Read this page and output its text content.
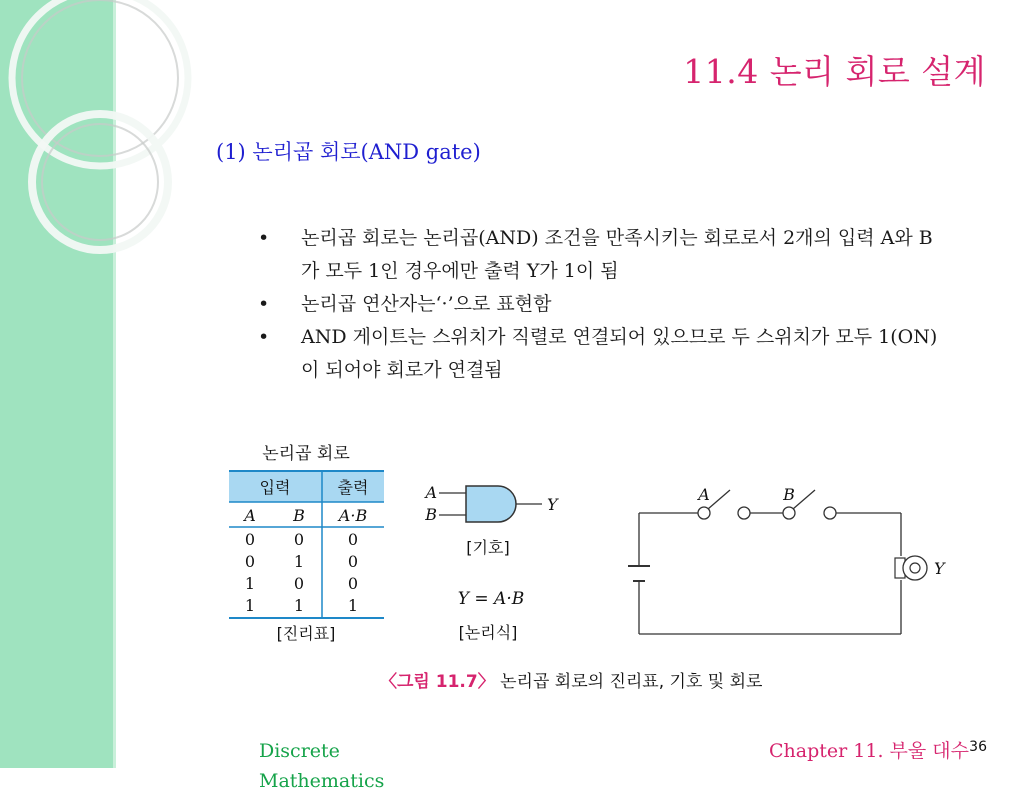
11.4 논리 회로 설계
(1) 논리곱 회로(AND gate)
• 논리곱 회로는 논리곱(AND) 조건을 만족시키는 회로로서 2개의 입력 A와 B가 모두 1인 경우에만 출력 Y가 1이 됨
• 논리곱 연산자는‘·’으로 표현함
• AND 게이트는 스위치가 직렬로 연결되어 있으므로 두 스위치가 모두 1(ON)이 되어야 회로가 연결됨
논리곱 회로
입력	출력
A B A·B
0 0	0
0 1	0
1 0	0
1 1	1
[진리표]
A
B
Y
[기호]
Y = A·B
[논리식]
A	B
Y
〈그림 11.7〉 논리곱 회로의 진리표, 기호 및 회로
Discrete Mathematics
Chapter 11. 부울 대수 36
